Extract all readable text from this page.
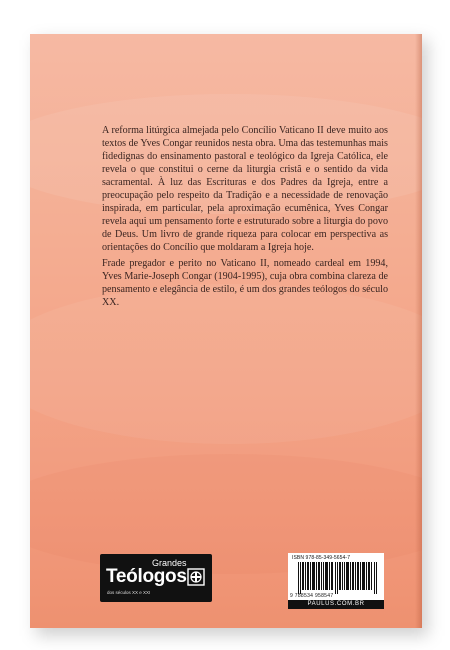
A reforma litúrgica almejada pelo Concílio Vaticano II deve muito aos textos de Yves Congar reunidos nesta obra. Uma das testemunhas mais fidedignas do ensinamento pastoral e teológico da Igreja Católica, ele revela o que constitui o cerne da liturgia cristã e o sentido da vida sacramental. À luz das Escrituras e dos Padres da Igreja, entre a preocupação pelo respeito da Tradição e a necessidade de renovação inspirada, em particular, pela aproximação ecumênica, Yves Congar revela aqui um pensamento forte e estruturado sobre a liturgia do povo de Deus. Um livro de grande riqueza para colocar em perspectiva as orientações do Concílio que moldaram a Igreja hoje.

Frade pregador e perito no Vaticano II, nomeado cardeal em 1994, Yves Marie-Joseph Congar (1904-1995), cuja obra combina clareza de pensamento e elegância de estilo, é um dos grandes teólogos do século XX.

Grandes
Teólogos
dos séculos XX e XXI
ISBN 978-85-349-5654-7
9 788534 958547
PAULUS.COM.BR
